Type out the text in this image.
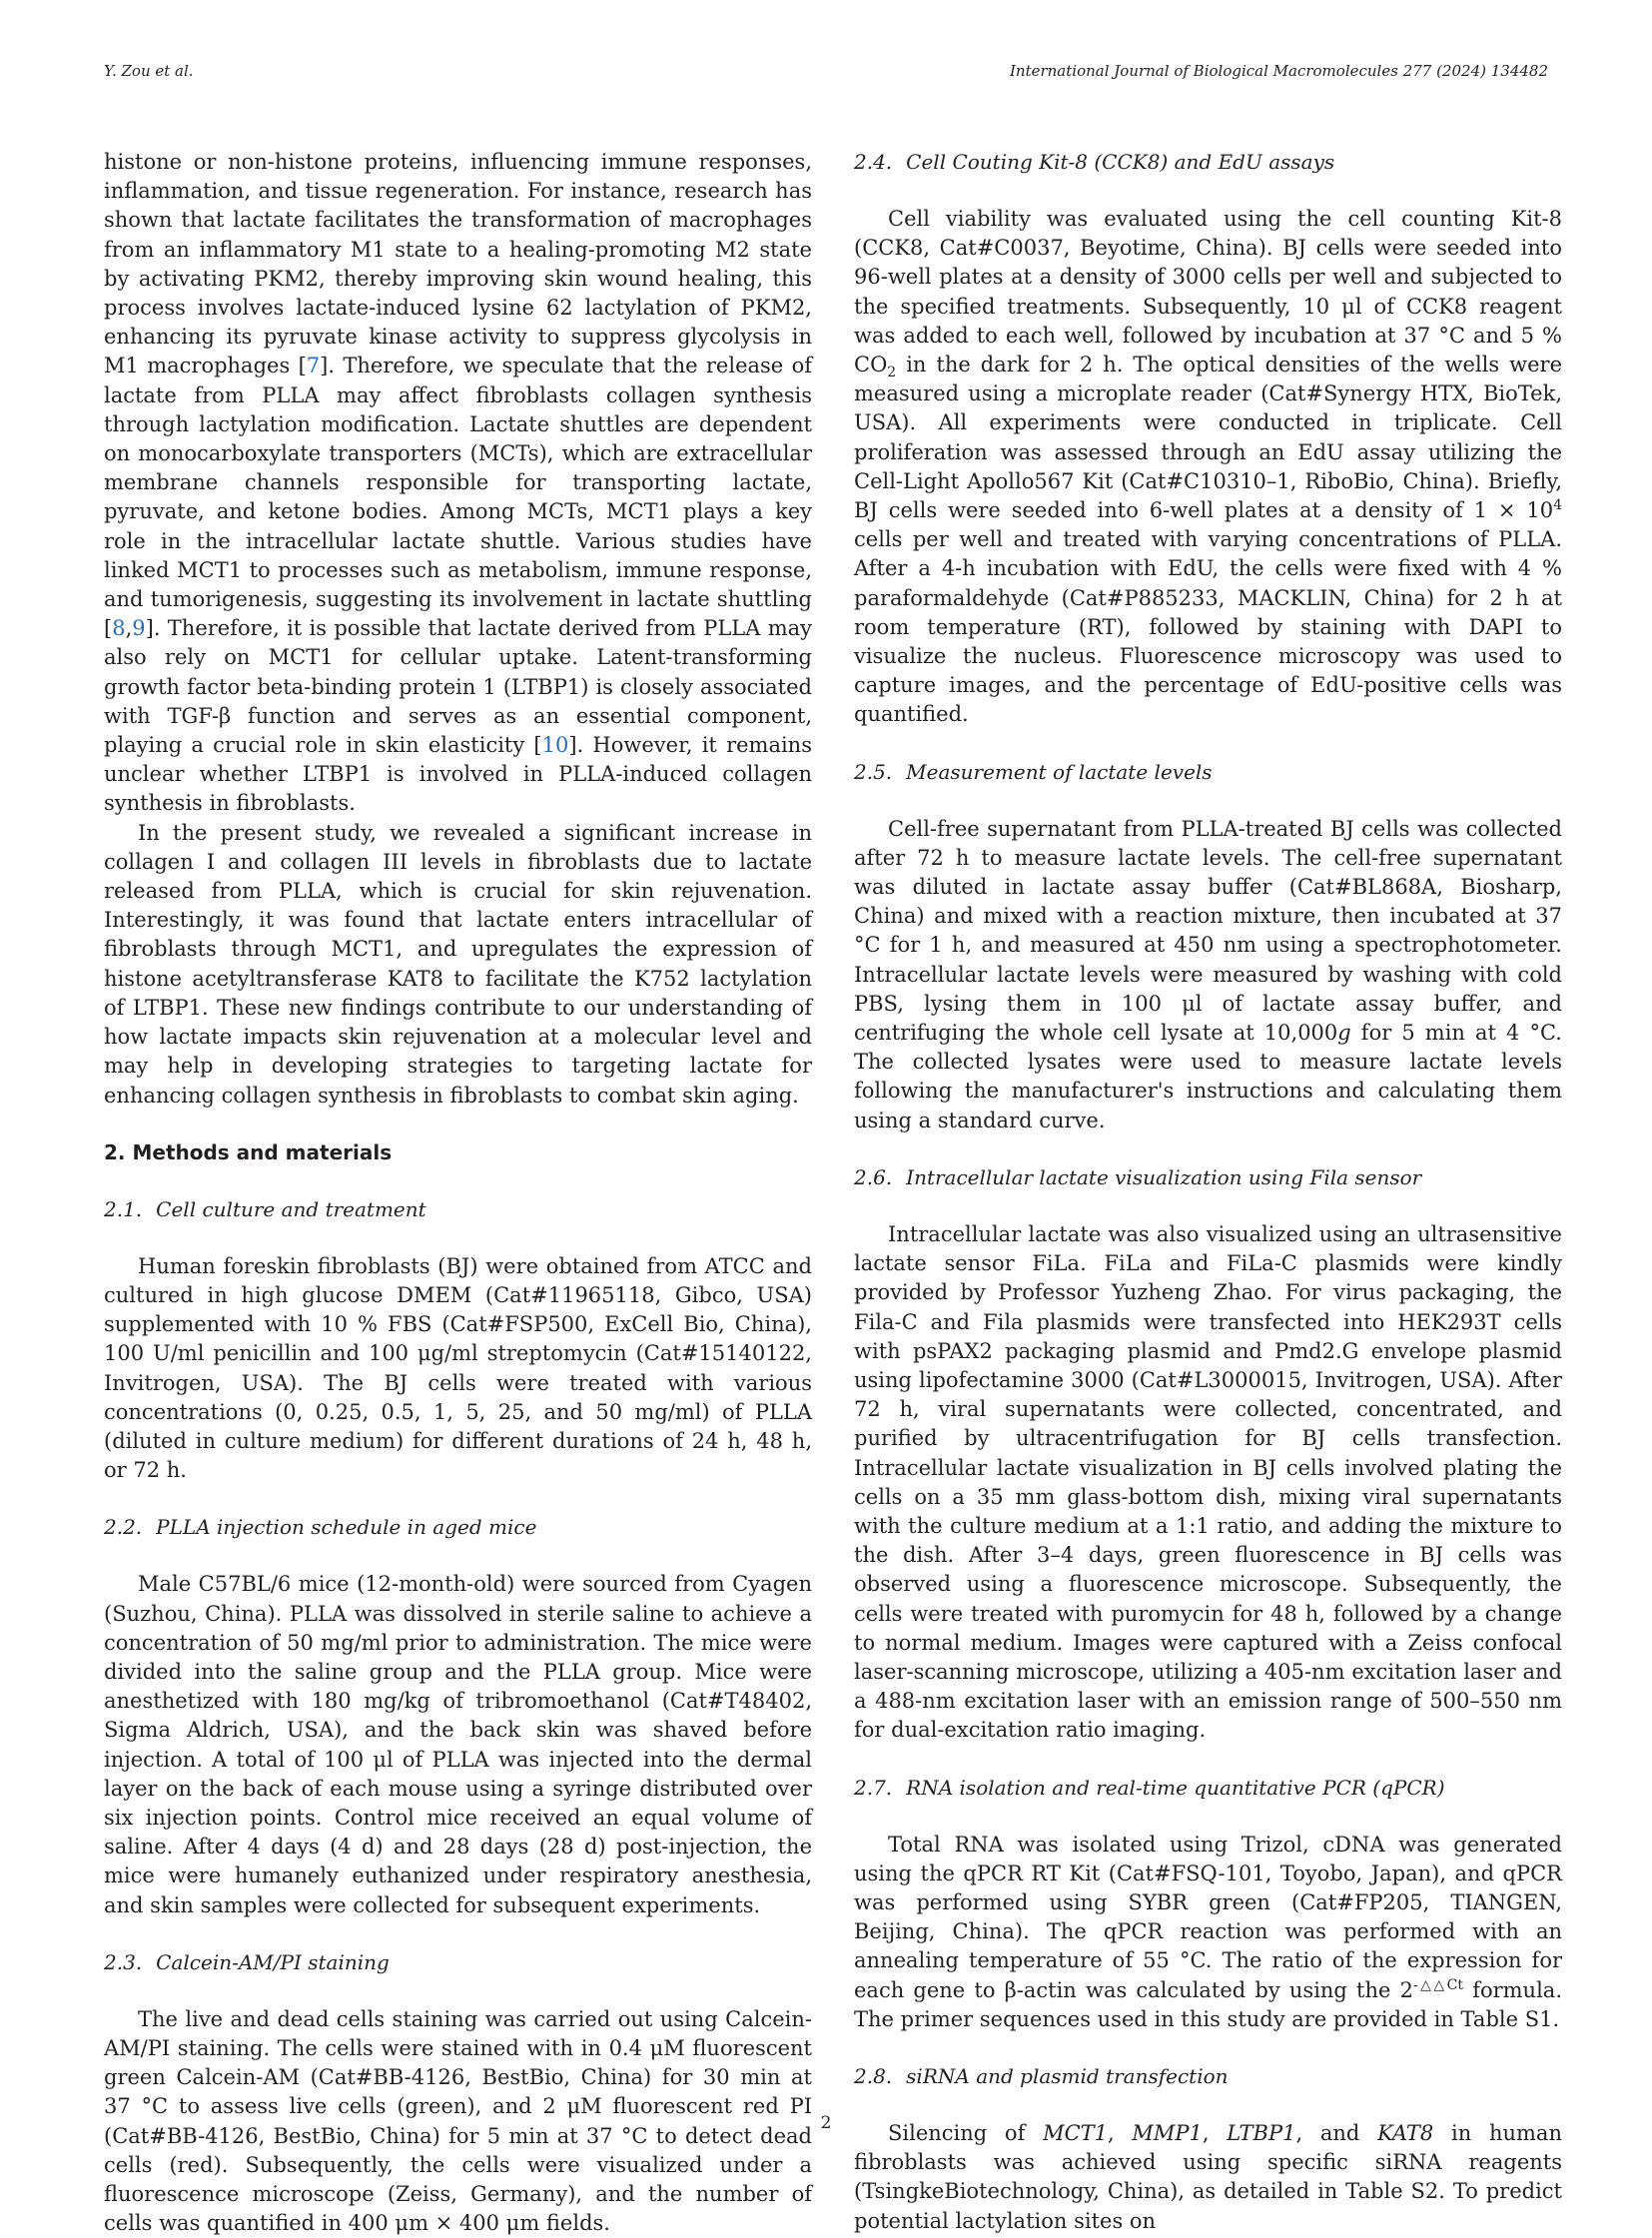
Y. Zou et al.	International Journal of Biological Macromolecules 277 (2024) 134482

histone or non-histone proteins, influencing immune responses, inflammation, and tissue regeneration. For instance, research has shown that lactate facilitates the transformation of macrophages from an inflammatory M1 state to a healing-promoting M2 state by activating PKM2, thereby improving skin wound healing, this process involves lactate-induced lysine 62 lactylation of PKM2, enhancing its pyruvate kinase activity to suppress glycolysis in M1 macrophages [7]. Therefore, we speculate that the release of lactate from PLLA may affect fibroblasts collagen synthesis through lactylation modification. Lactate shuttles are dependent on monocarboxylate transporters (MCTs), which are extracellular membrane channels responsible for transporting lactate, pyruvate, and ketone bodies. Among MCTs, MCT1 plays a key role in the intracellular lactate shuttle. Various studies have linked MCT1 to processes such as metabolism, immune response, and tumorigenesis, suggesting its involvement in lactate shuttling [8,9]. Therefore, it is possible that lactate derived from PLLA may also rely on MCT1 for cellular uptake. Latent-transforming growth factor beta-binding protein 1 (LTBP1) is closely associated with TGF-β function and serves as an essential component, playing a crucial role in skin elasticity [10]. However, it remains unclear whether LTBP1 is involved in PLLA-induced collagen synthesis in fibroblasts.

In the present study, we revealed a significant increase in collagen I and collagen III levels in fibroblasts due to lactate released from PLLA, which is crucial for skin rejuvenation. Interestingly, it was found that lactate enters intracellular of fibroblasts through MCT1, and upregulates the expression of histone acetyltransferase KAT8 to facilitate the K752 lactylation of LTBP1. These new findings contribute to our understanding of how lactate impacts skin rejuvenation at a molecular level and may help in developing strategies to targeting lactate for enhancing collagen synthesis in fibroblasts to combat skin aging.

2. Methods and materials
2.1. Cell culture and treatment

Human foreskin fibroblasts (BJ) were obtained from ATCC and cultured in high glucose DMEM (Cat#11965118, Gibco, USA) supplemented with 10 % FBS (Cat#FSP500, ExCell Bio, China), 100 U/ml penicillin and 100 μg/ml streptomycin (Cat#15140122, Invitrogen, USA). The BJ cells were treated with various concentrations (0, 0.25, 0.5, 1, 5, 25, and 50 mg/ml) of PLLA (diluted in culture medium) for different durations of 24 h, 48 h, or 72 h.

2.2. PLLA injection schedule in aged mice

Male C57BL/6 mice (12-month-old) were sourced from Cyagen (Suzhou, China). PLLA was dissolved in sterile saline to achieve a concentration of 50 mg/ml prior to administration. The mice were divided into the saline group and the PLLA group. Mice were anesthetized with 180 mg/kg of tribromoethanol (Cat#T48402, Sigma Aldrich, USA), and the back skin was shaved before injection. A total of 100 μl of PLLA was injected into the dermal layer on the back of each mouse using a syringe distributed over six injection points. Control mice received an equal volume of saline. After 4 days (4 d) and 28 days (28 d) post-injection, the mice were humanely euthanized under respiratory anesthesia, and skin samples were collected for subsequent experiments.

2.3. Calcein-AM/PI staining

The live and dead cells staining was carried out using Calcein-AM/PI staining. The cells were stained with in 0.4 μM fluorescent green Calcein-AM (Cat#BB-4126, BestBio, China) for 30 min at 37 °C to assess live cells (green), and 2 μM fluorescent red PI (Cat#BB-4126, BestBio, China) for 5 min at 37 °C to detect dead cells (red). Subsequently, the cells were visualized under a fluorescence microscope (Zeiss, Germany), and the number of cells was quantified in 400 μm × 400 μm fields.

2.4. Cell Couting Kit-8 (CCK8) and EdU assays

Cell viability was evaluated using the cell counting Kit-8 (CCK8, Cat#C0037, Beyotime, China). BJ cells were seeded into 96-well plates at a density of 3000 cells per well and subjected to the specified treatments. Subsequently, 10 μl of CCK8 reagent was added to each well, followed by incubation at 37 °C and 5 % $CO_2$ in the dark for 2 h. The optical densities of the wells were measured using a microplate reader (Cat#Synergy HTX, BioTek, USA). All experiments were conducted in triplicate. Cell proliferation was assessed through an EdU assay utilizing the Cell-Light Apollo567 Kit (Cat#C10310–1, RiboBio, China). Briefly, BJ cells were seeded into 6-well plates at a density of $1 \times 10^4$ cells per well and treated with varying concentrations of PLLA. After a 4-h incubation with EdU, the cells were fixed with 4 % paraformaldehyde (Cat#P885233, MACKLIN, China) for 2 h at room temperature (RT), followed by staining with DAPI to visualize the nucleus. Fluorescence microscopy was used to capture images, and the percentage of EdU-positive cells was quantified.

2.5. Measurement of lactate levels

Cell-free supernatant from PLLA-treated BJ cells was collected after 72 h to measure lactate levels. The cell-free supernatant was diluted in lactate assay buffer (Cat#BL868A, Biosharp, China) and mixed with a reaction mixture, then incubated at 37 °C for 1 h, and measured at 450 nm using a spectrophotometer. Intracellular lactate levels were measured by washing with cold PBS, lysing them in 100 μl of lactate assay buffer, and centrifuging the whole cell lysate at 10,000g for 5 min at 4 °C. The collected lysates were used to measure lactate levels following the manufacturer's instructions and calculating them using a standard curve.

2.6. Intracellular lactate visualization using Fila sensor

Intracellular lactate was also visualized using an ultrasensitive lactate sensor FiLa. FiLa and FiLa-C plasmids were kindly provided by Professor Yuzheng Zhao. For virus packaging, the Fila-C and Fila plasmids were transfected into HEK293T cells with psPAX2 packaging plasmid and Pmd2.G envelope plasmid using lipofectamine 3000 (Cat#L3000015, Invitrogen, USA). After 72 h, viral supernatants were collected, concentrated, and purified by ultracentrifugation for BJ cells transfection. Intracellular lactate visualization in BJ cells involved plating the cells on a 35 mm glass-bottom dish, mixing viral supernatants with the culture medium at a 1:1 ratio, and adding the mixture to the dish. After 3–4 days, green fluorescence in BJ cells was observed using a fluorescence microscope. Subsequently, the cells were treated with puromycin for 48 h, followed by a change to normal medium. Images were captured with a Zeiss confocal laser-scanning microscope, utilizing a 405-nm excitation laser and a 488-nm excitation laser with an emission range of 500–550 nm for dual-excitation ratio imaging.

2.7. RNA isolation and real-time quantitative PCR (qPCR)

Total RNA was isolated using Trizol, cDNA was generated using the qPCR RT Kit (Cat#FSQ-101, Toyobo, Japan), and qPCR was performed using SYBR green (Cat#FP205, TIANGEN, Beijing, China). The qPCR reaction was performed with an annealing temperature of 55 °C. The ratio of the expression for each gene to β-actin was calculated by using the $2^{-\triangle\triangle Ct}$ formula. The primer sequences used in this study are provided in Table S1.

2.8. siRNA and plasmid transfection

Silencing of MCT1, MMP1, LTBP1, and KAT8 in human fibroblasts was achieved using specific siRNA reagents (TsingkeBiotechnology, China), as detailed in Table S2. To predict potential lactylation sites on

2
